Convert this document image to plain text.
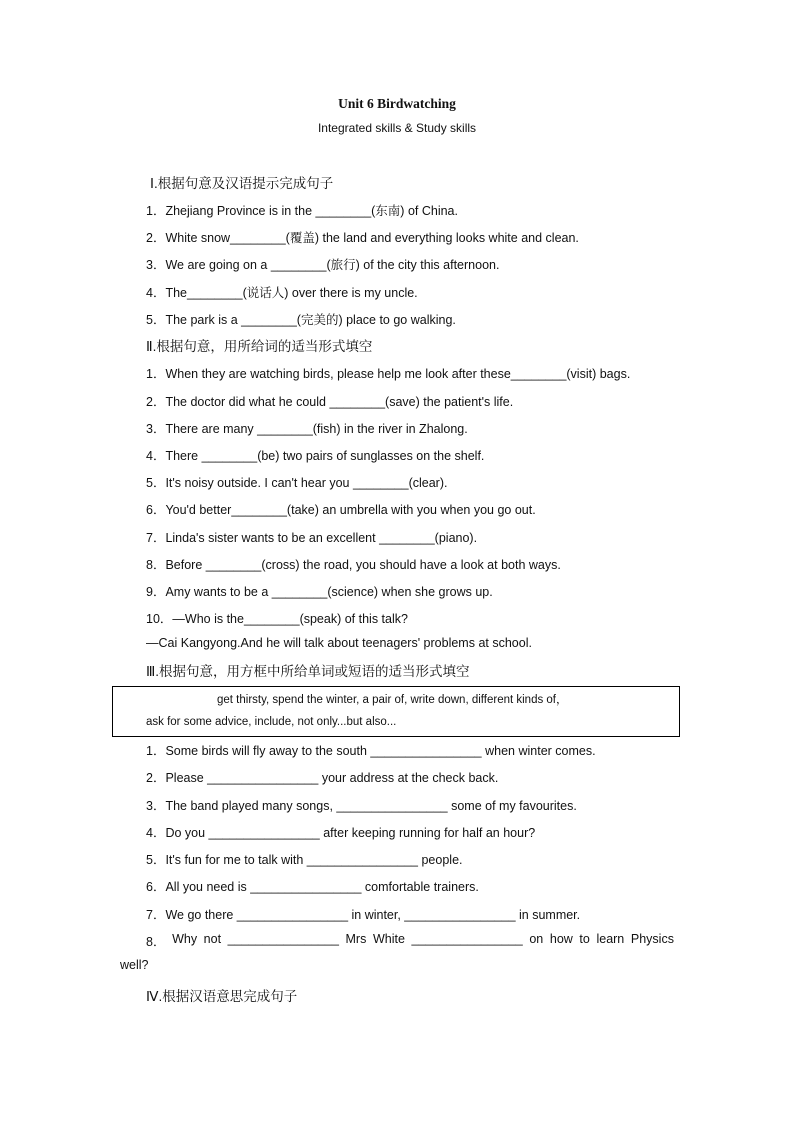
Unit 6 Birdwatching
Integrated skills & Study skills
Ⅰ.根据句意及汉语提示完成句子
1．Zhejiang Province is in the ________(东南) of China.
2．White snow________(覆盖) the land and everything looks white and clean.
3．We are going on a ________(旅行) of the city this afternoon.
4．The________(说话人) over there is my uncle.
5．The park is a ________(完美的) place to go walking.
Ⅱ.根据句意，用所给词的适当形式填空
1．When they are watching birds, please help me look after these________(visit) bags.
2．The doctor did what he could ________(save) the patient's life.
3．There are many ________(fish) in the river in Zhalong.
4．There ________(be) two pairs of sunglasses on the shelf.
5．It's noisy outside. I can't hear you ________(clear).
6．You'd better________(take) an umbrella with you when you go out.
7．Linda's sister wants to be an excellent ________(piano).
8．Before ________(cross) the road, you should have a look at both ways.
9．Amy wants to be a ________(science) when she grows up.
10．—Who is the________(speak) of this talk?
—Cai Kangyong.And he will talk about teenagers' problems at school.
Ⅲ.根据句意，用方框中所给单词或短语的适当形式填空
get thirsty, spend the winter, a pair of, write down, different kinds of，
ask for some advice, include, not only...but also...
1．Some birds will fly away to the south ________________ when winter comes.
2．Please ________________ your address at the check back.
3．The band played many songs, ________________ some of my favourites.
4．Do you ________________ after keeping running for half an hour?
5．It's fun for me to talk with ________________ people.
6．All you need is ________________ comfortable trainers.
7．We go there ________________ in winter, ________________ in summer.
8． Why not ________________ Mrs White ________________ on how to learn Physics
well?
Ⅳ.根据汉语意思完成句子
